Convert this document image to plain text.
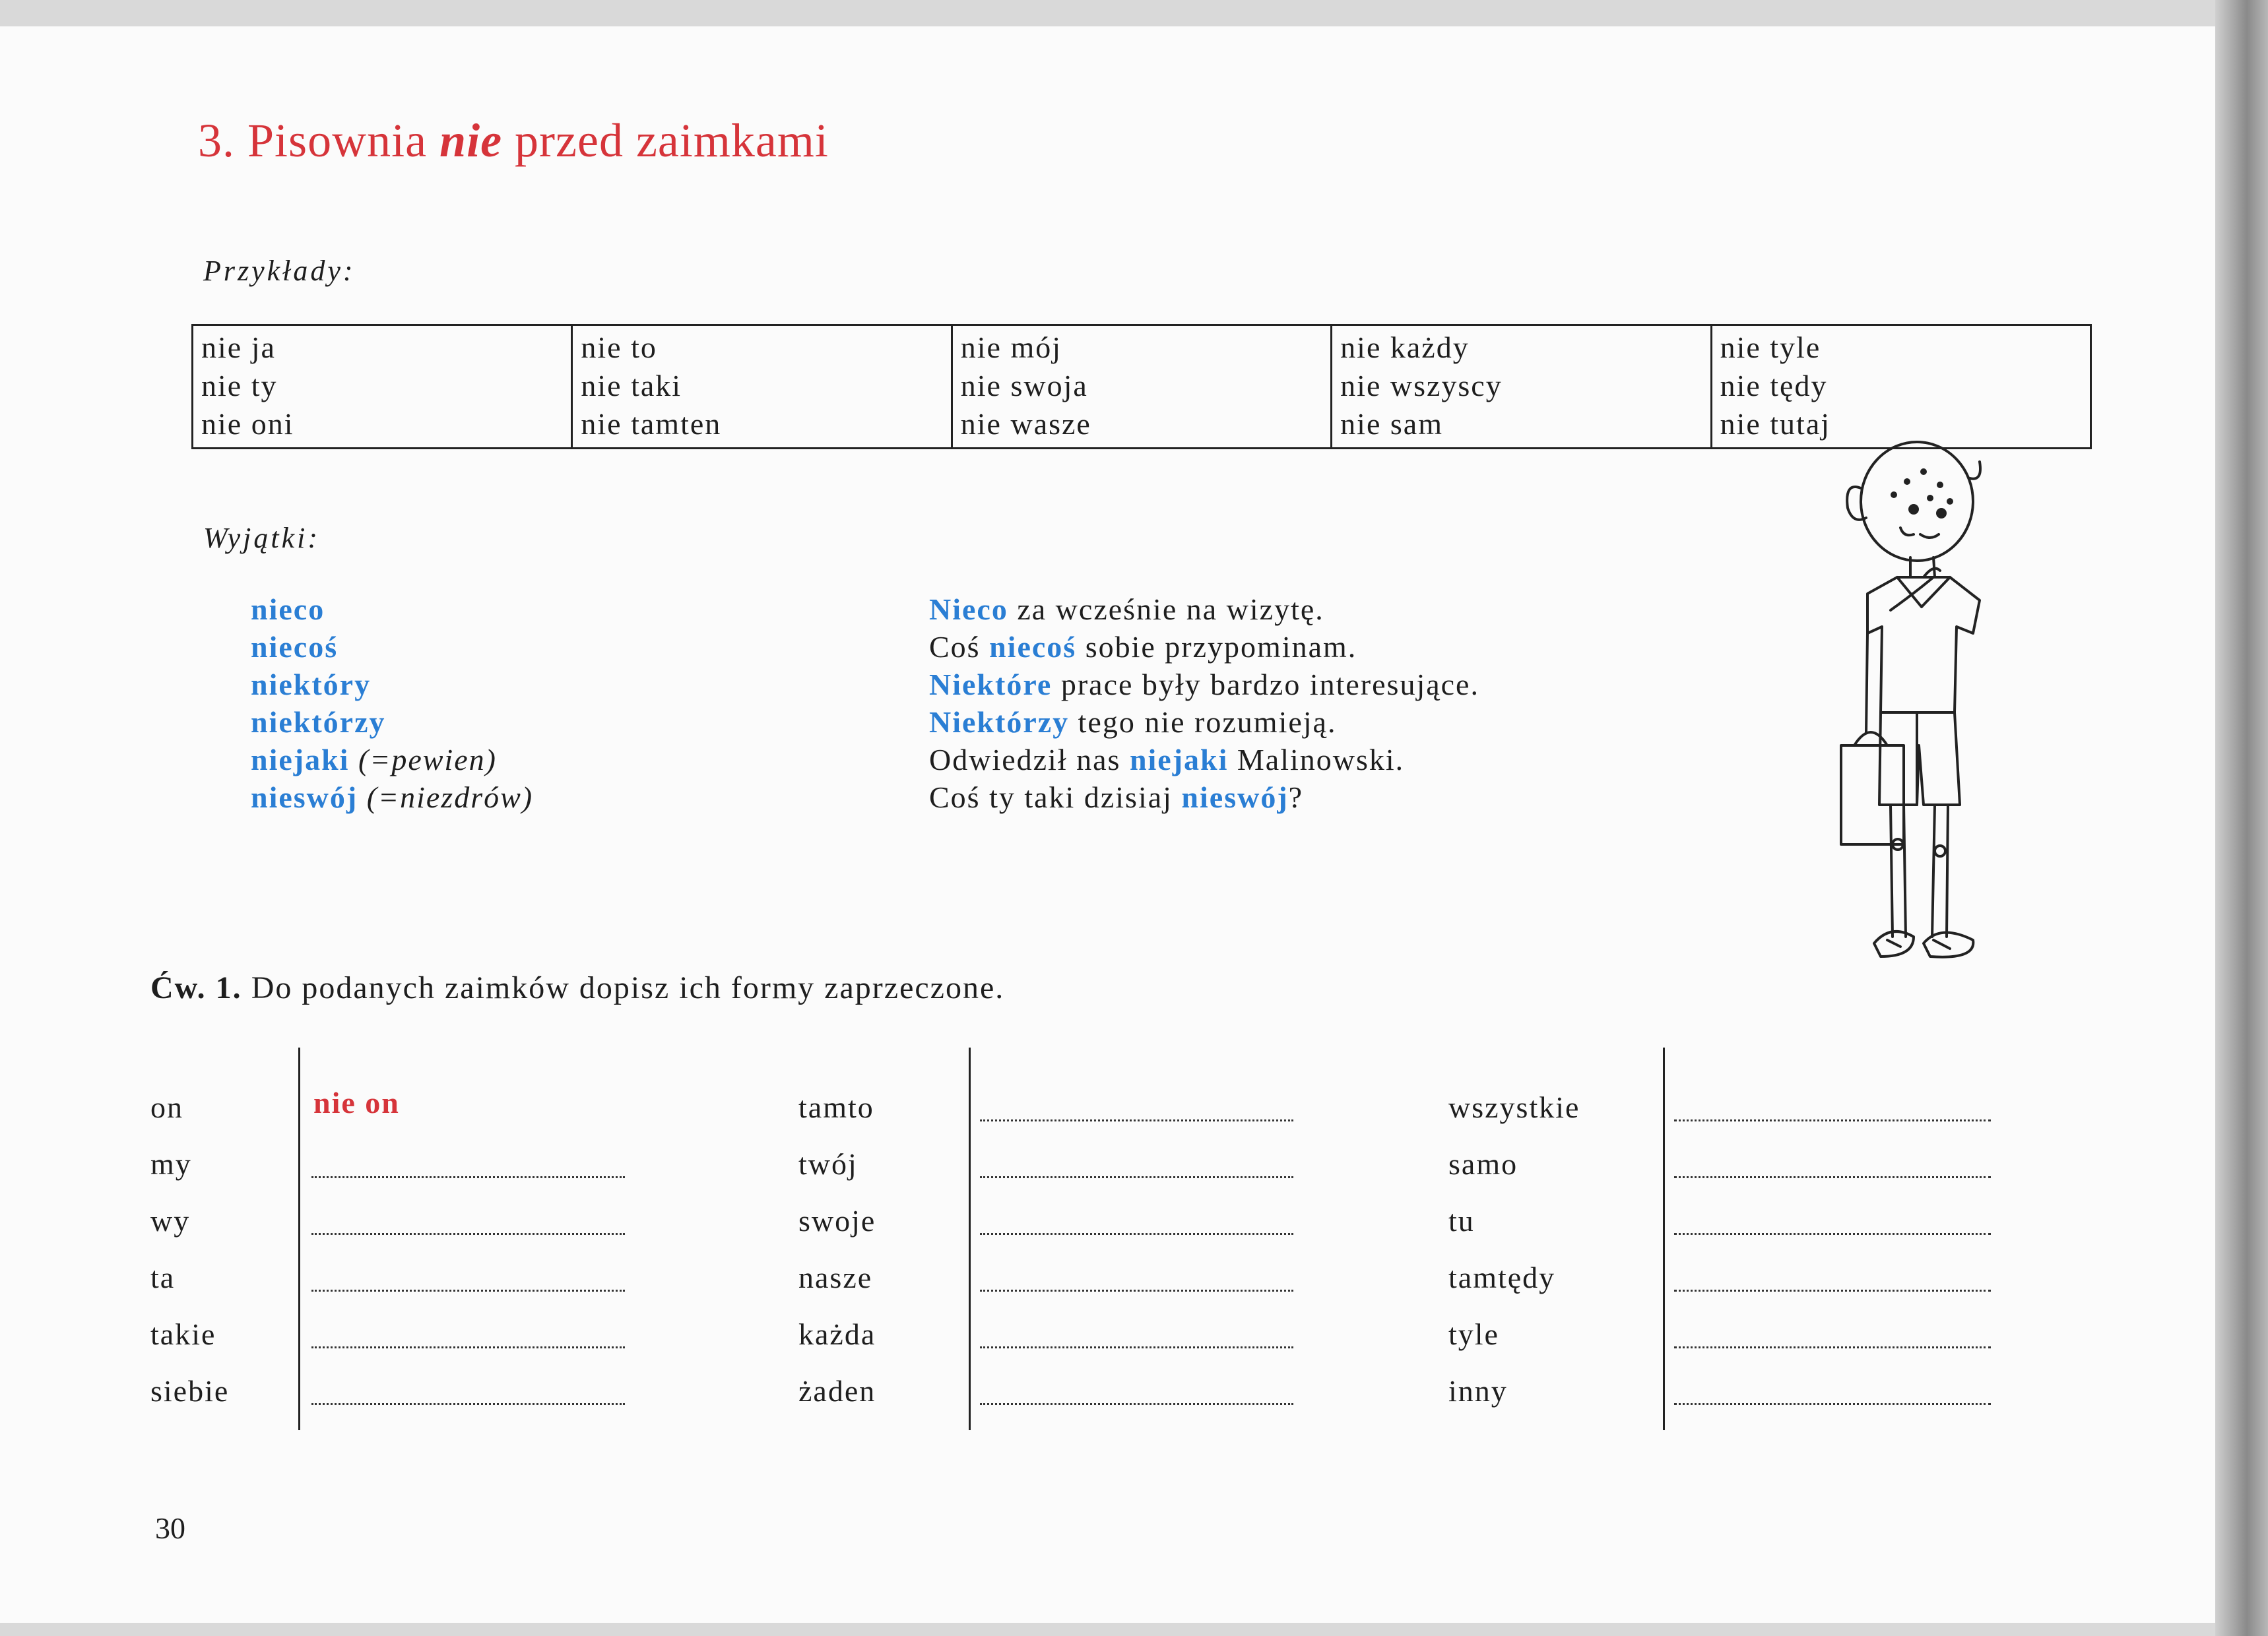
3. Pisownia nie przed zaimkami
Przykłady:
nie ja
nie ty
nie oni

nie to
nie taki
nie tamten

nie mój
nie swoja
nie wasze

nie każdy
nie wszyscy
nie sam

nie tyle
nie tędy
nie tutaj
Wyjątki:
nieco
niecoś
niektóry
niektórzy
niejaki (=pewien)
nieswój (=niezdrów)
Nieco za wcześnie na wizytę.
Coś niecoś sobie przypominam.
Niektóre prace były bardzo interesujące.
Niektórzy tego nie rozumieją.
Odwiedził nas niejaki Malinowski.
Coś ty taki dzisiaj nieswój?
Ćw. 1. Do podanych zaimków dopisz ich formy zaprzeczone.
on	nie on
my
wy
ta
takie
siebie
tamto
twój
swoje
nasze
każda
żaden
wszystkie
samo
tu
tamtędy
tyle
inny
30
